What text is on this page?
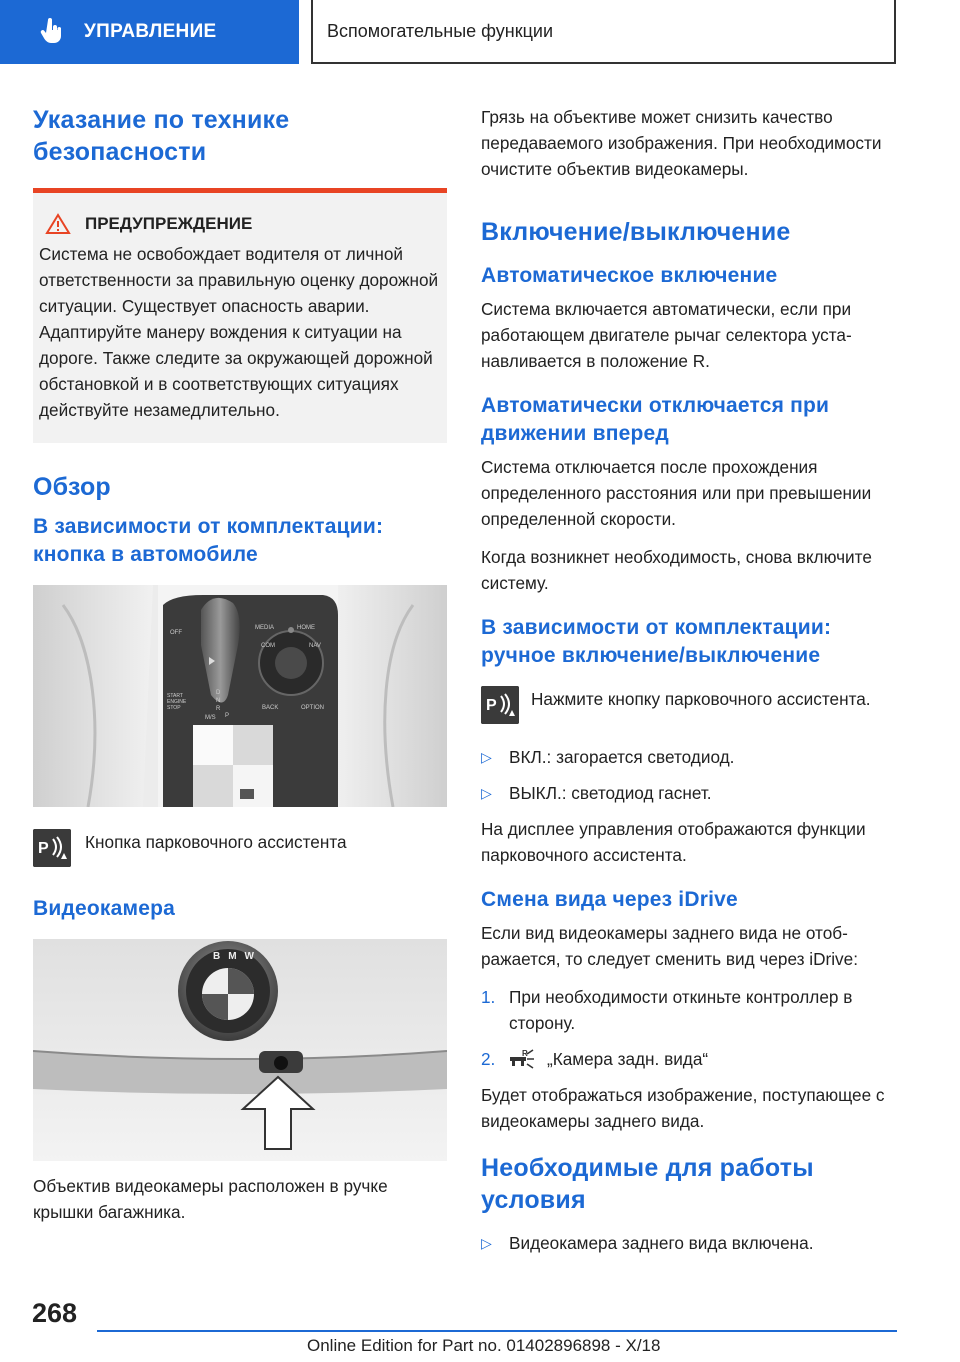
УПРАВЛЕНИЕ	Вспомогательные функции
Указание по технике безопасности
ПРЕДУПРЕЖДЕНИЕ

Система не освобождает водителя от личной ответственности за правильную оценку дорожной ситуации. Существует опасность аварии. Адаптируйте манеру вождения к ситуации на дороге. Также следите за окружающей дорожной обстановкой и в соответствующих ситуациях действуйте незамедлительно.

Обзор
В зависимости от комплектации: кнопка в автомобиле
OFF
MEDIA	HOME
COM	NAV
BACK	OPTION
START ENGINE STOP
M/S
D
N
R
P
P Кнопка парковочного ассистента

Видеокамера
BMW

Объектив видеокамеры расположен в ручке крышки багажника.

Грязь на объективе может снизить качество передаваемого изображения. При необходимости очистите объектив видеокамеры.

Включение/выключение
Автоматическое включение

Система включается автоматически, если при работающем двигателе рычаг селектора устанавливается в положение R.

Автоматически отключается при движении вперед

Система отключается после прохождения определенного расстояния или при превышении определенной скорости.

Когда возникнет необходимость, снова включите систему.

В зависимости от комплектации: ручное включение/выключение
P Нажмите кнопку парковочного ассистента.

▷	ВКЛ.: загорается светодиод.
▷	ВЫКЛ.: светодиод гаснет.

На дисплее управления отображаются функции парковочного ассистента.

Смена вида через iDrive

Если вид видеокамеры заднего вида не отображается, то следует сменить вид через iDrive:

1. При необходимости откиньте контроллер в сторону.
2.	R „Камера задн. вида“

Будет отображаться изображение, поступающее с видеокамеры заднего вида.

Необходимые для работы условия
▷	Видеокамера заднего вида включена.
268
Online Edition for Part no. 01402896898 - X/18
